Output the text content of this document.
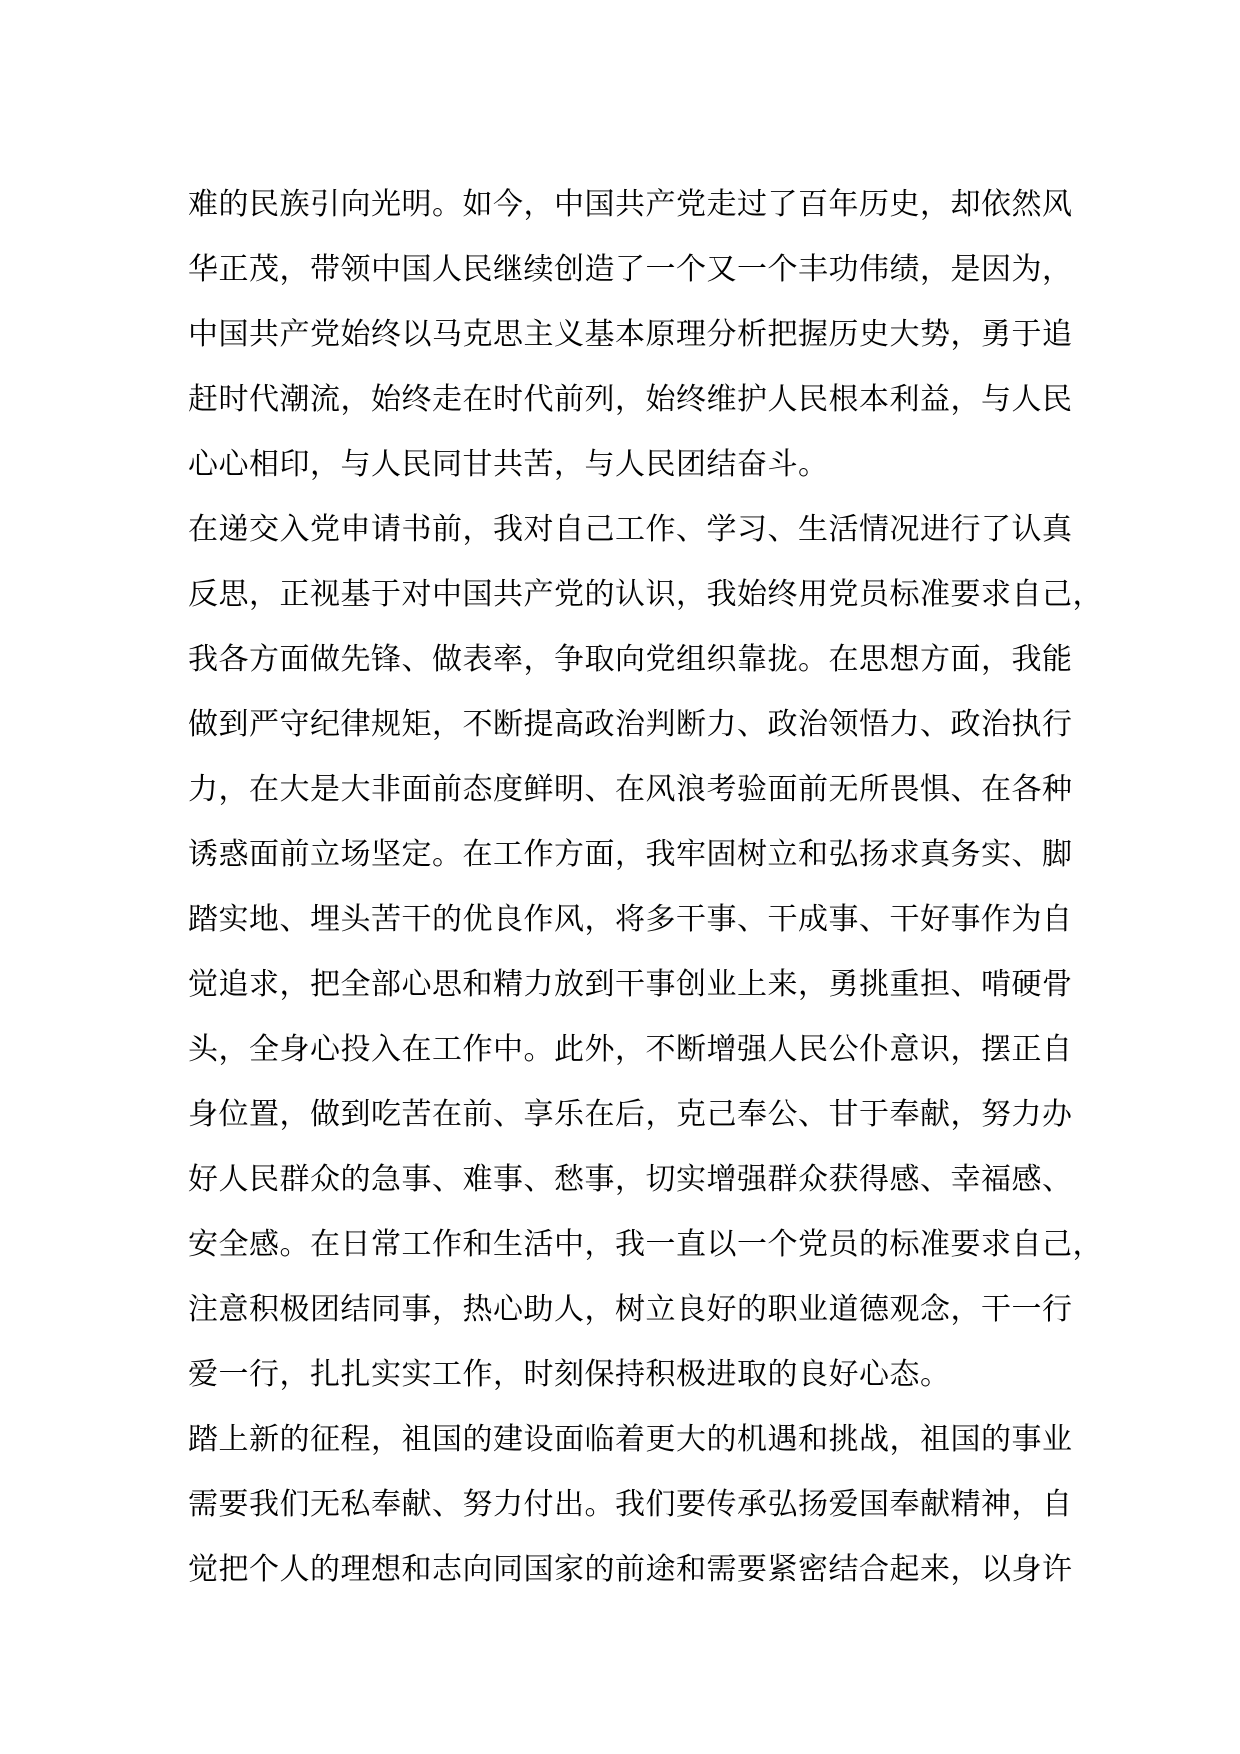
难的民族引向光明。如今，中国共产党走过了百年历史，却依然风
华正茂，带领中国人民继续创造了一个又一个丰功伟绩，是因为，
中国共产党始终以马克思主义基本原理分析把握历史大势，勇于追
赶时代潮流，始终走在时代前列，始终维护人民根本利益，与人民
心心相印，与人民同甘共苦，与人民团结奋斗。
在递交入党申请书前，我对自己工作、学习、生活情况进行了认真
反思，正视基于对中国共产党的认识，我始终用党员标准要求自己，
我各方面做先锋、做表率，争取向党组织靠拢。在思想方面，我能
做到严守纪律规矩，不断提高政治判断力、政治领悟力、政治执行
力，在大是大非面前态度鲜明、在风浪考验面前无所畏惧、在各种
诱惑面前立场坚定。在工作方面，我牢固树立和弘扬求真务实、脚
踏实地、埋头苦干的优良作风，将多干事、干成事、干好事作为自
觉追求，把全部心思和精力放到干事创业上来，勇挑重担、啃硬骨
头，全身心投入在工作中。此外，不断增强人民公仆意识，摆正自
身位置，做到吃苦在前、享乐在后，克己奉公、甘于奉献，努力办
好人民群众的急事、难事、愁事，切实增强群众获得感、幸福感、
安全感。在日常工作和生活中，我一直以一个党员的标准要求自己，
注意积极团结同事，热心助人，树立良好的职业道德观念，干一行
爱一行，扎扎实实工作，时刻保持积极进取的良好心态。
踏上新的征程，祖国的建设面临着更大的机遇和挑战，祖国的事业
需要我们无私奉献、努力付出。我们要传承弘扬爱国奉献精神，自
觉把个人的理想和志向同国家的前途和需要紧密结合起来，以身许
